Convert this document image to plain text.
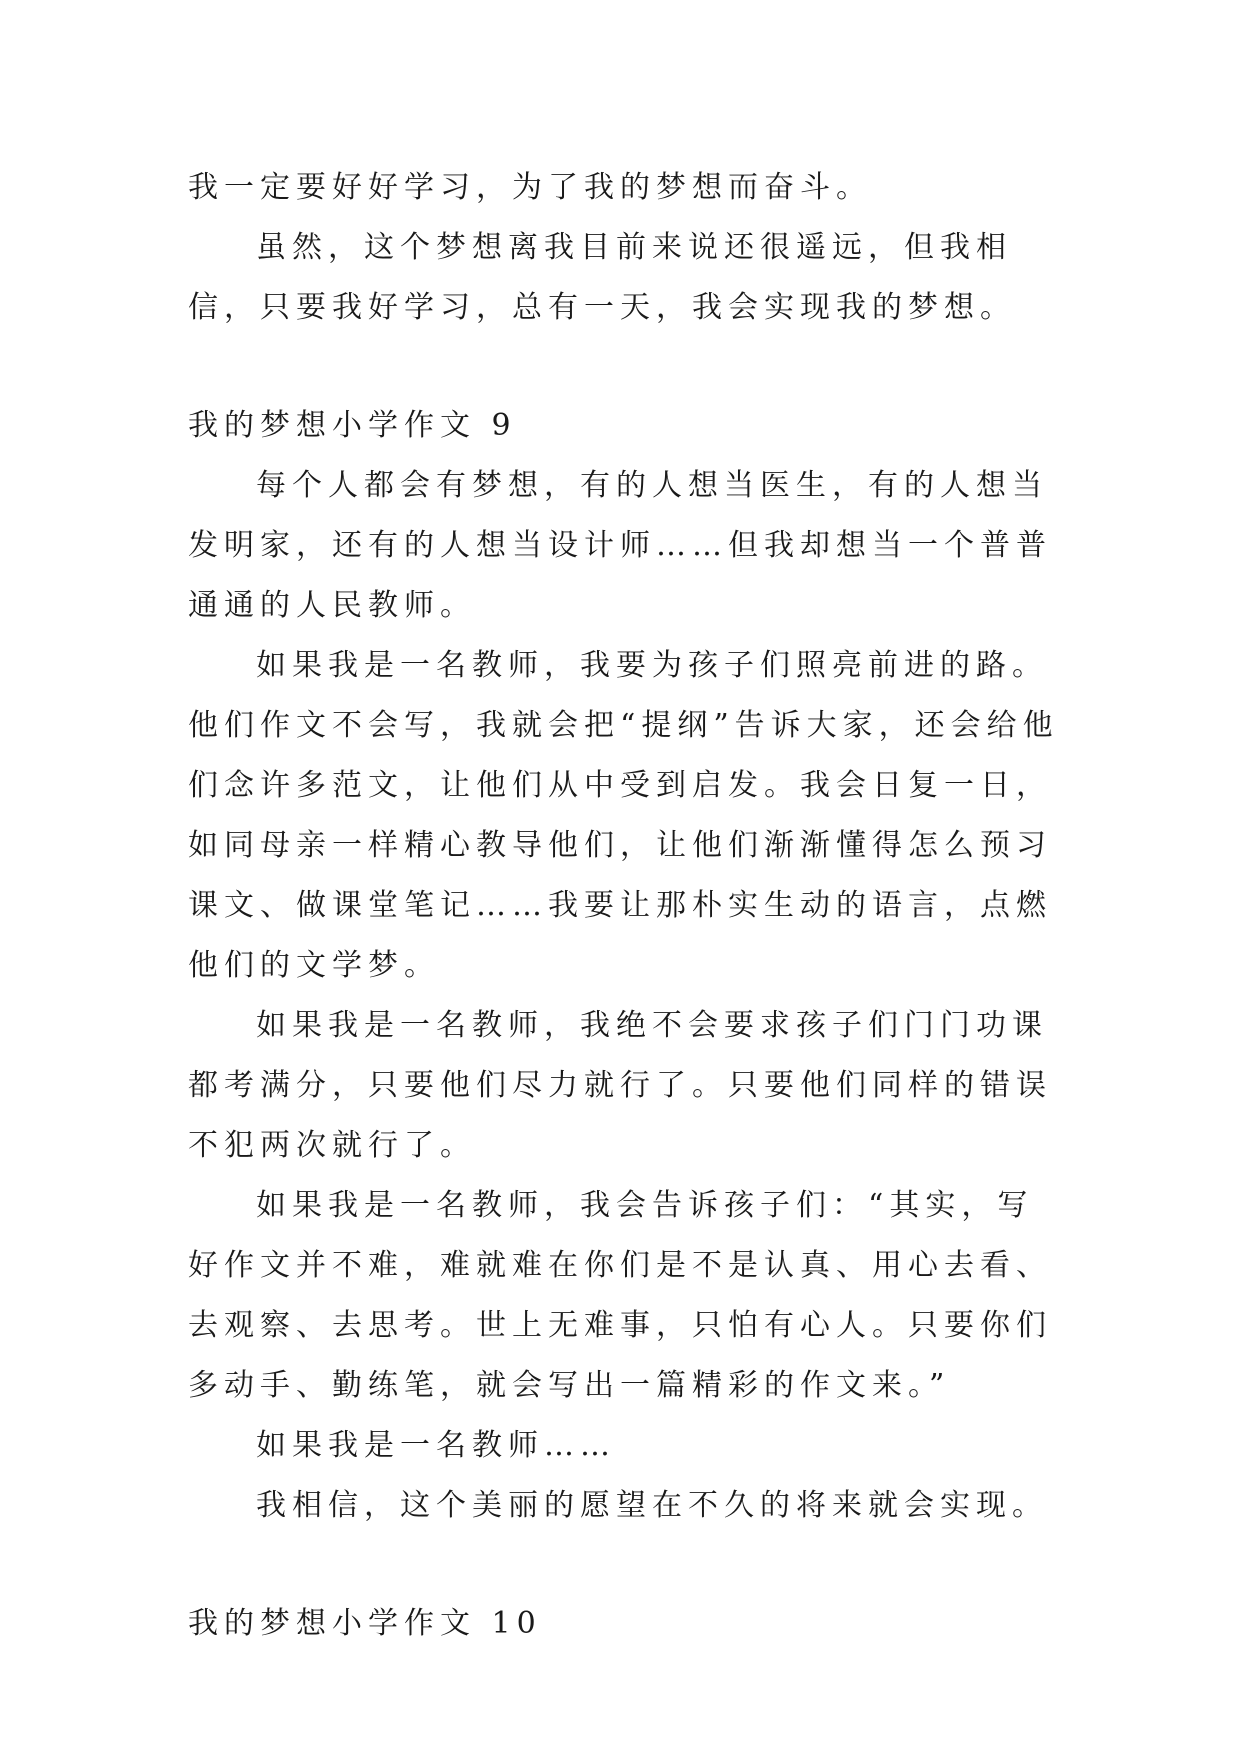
我一定要好好学习，为了我的梦想而奋斗。

虽然，这个梦想离我目前来说还很遥远，但我相信，只要我好学习，总有一天，我会实现我的梦想。

我的梦想小学作文 9

每个人都会有梦想，有的人想当医生，有的人想当发明家，还有的人想当设计师……但我却想当一个普普通通的人民教师。

如果我是一名教师，我要为孩子们照亮前进的路。他们作文不会写，我就会把“提纲”告诉大家，还会给他们念许多范文，让他们从中受到启发。我会日复一日，如同母亲一样精心教导他们，让他们渐渐懂得怎么预习课文、做课堂笔记……我要让那朴实生动的语言，点燃他们的文学梦。

如果我是一名教师，我绝不会要求孩子们门门功课都考满分，只要他们尽力就行了。只要他们同样的错误不犯两次就行了。

如果我是一名教师，我会告诉孩子们：“其实，写好作文并不难，难就难在你们是不是认真、用心去看、去观察、去思考。世上无难事，只怕有心人。只要你们多动手、勤练笔，就会写出一篇精彩的作文来。”

如果我是一名教师……

我相信，这个美丽的愿望在不久的将来就会实现。

我的梦想小学作文 10
